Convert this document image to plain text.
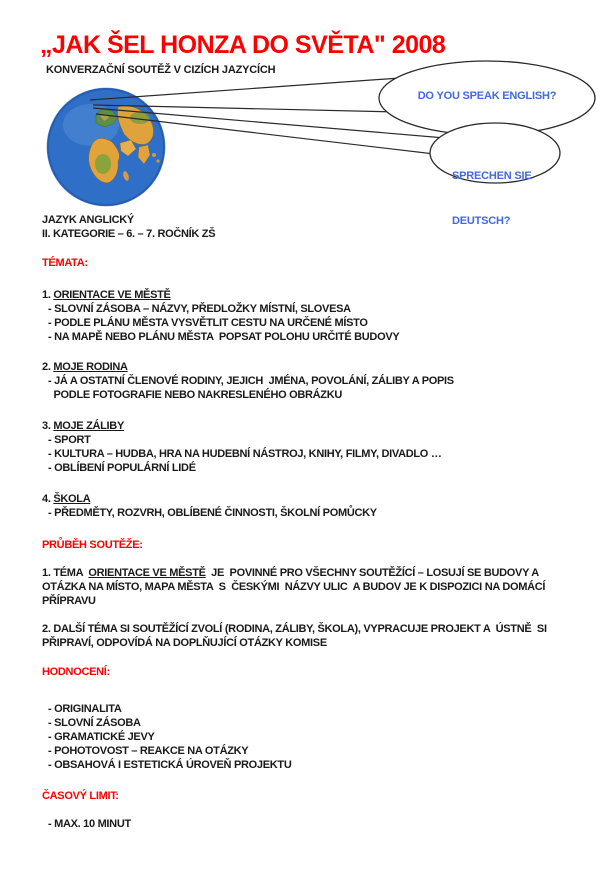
„JAK ŠEL HONZA DO SVĚTA" 2008
KONVERZAČNÍ SOUTĚŽ V CIZÍCH JAZYCÍCH
DO YOU SPEAK ENGLISH?

SPRECHEN SIE

DEUTSCH?

JAZYK ANGLICKÝ
II. KATEGORIE – 6. – 7. ROČNÍK ZŠ
TÉMATA:
1. ORIENTACE VE MĚSTĚ
- SLOVNÍ ZÁSOBA – NÁZVY, PŘEDLOŽKY MÍSTNÍ, SLOVESA
- PODLE PLÁNU MĚSTA VYSVĚTLIT CESTU NA URČENÉ MÍSTO
- NA MAPĚ NEBO PLÁNU MĚSTA  POPSAT POLOHU URČITÉ BUDOVY
2. MOJE RODINA
- JÁ A OSTATNÍ ČLENOVÉ RODINY, JEJICH  JMÉNA, POVOLÁNÍ, ZÁLIBY A POPIS
PODLE FOTOGRAFIE NEBO NAKRESLENÉHO OBRÁZKU
3. MOJE ZÁLIBY
- SPORT
- KULTURA – HUDBA, HRA NA HUDEBNÍ NÁSTROJ, KNIHY, FILMY, DIVADLO …
- OBLÍBENÍ POPULÁRNÍ LIDÉ
4. ŠKOLA
- PŘEDMĚTY, ROZVRH, OBLÍBENÉ ČINNOSTI, ŠKOLNÍ POMŮCKY
PRŮBĚH SOUTĚŽE:
1. TÉMA  ORIENTACE VE MĚSTĚ  JE  POVINNÉ PRO VŠECHNY SOUTĚŽÍCÍ – LOSUJÍ SE BUDOVY A
OTÁZKA NA MÍSTO, MAPA MĚSTA  S  ČESKÝMI  NÁZVY ULIC  A BUDOV JE K DISPOZICI NA DOMÁCÍ
PŘÍPRAVU
2. DALŠÍ TÉMA SI SOUTĚŽÍCÍ ZVOLÍ (RODINA, ZÁLIBY, ŠKOLA), VYPRACUJE PROJEKT A  ÚSTNĚ  SI
PŘIPRAVÍ, ODPOVÍDÁ NA DOPLŇUJÍCÍ OTÁZKY KOMISE
HODNOCENÍ:
- ORIGINALITA
- SLOVNÍ ZÁSOBA
- GRAMATICKÉ JEVY
- POHOTOVOST – REAKCE NA OTÁZKY
- OBSAHOVÁ I ESTETICKÁ ÚROVEŇ PROJEKTU
ČASOVÝ LIMIT:
- MAX. 10 MINUT
